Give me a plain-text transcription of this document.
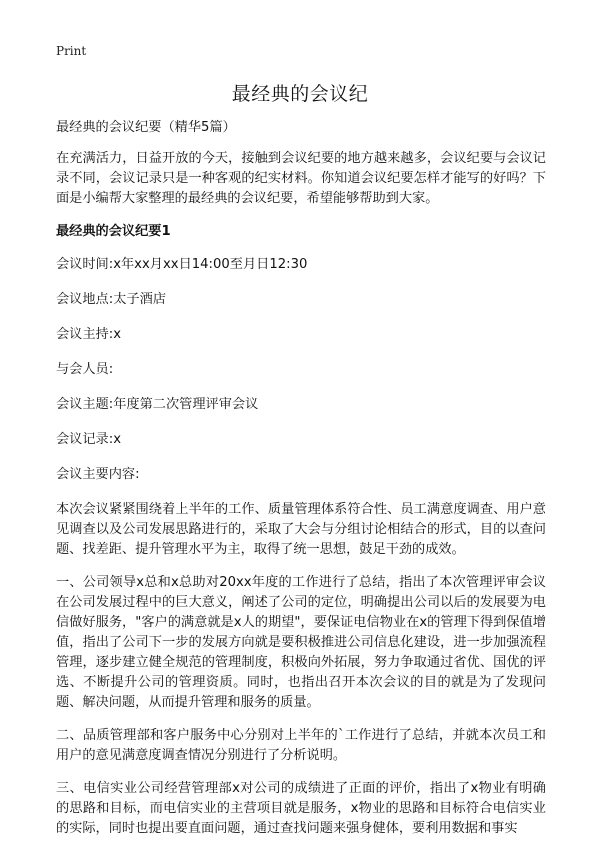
Print
最经典的会议纪

最经典的会议纪要（精华5篇）

在充满活力，日益开放的今天，接触到会议纪要的地方越来越多，会议纪要与会议记录不同，会议记录只是一种客观的纪实材料。你知道会议纪要怎样才能写的好吗？下面是小编帮大家整理的最经典的会议纪要，希望能够帮助到大家。

最经典的会议纪要1

会议时间:x年xx月xx日14:00至月日12:30

会议地点:太子酒店

会议主持:x

与会人员:

会议主题:年度第二次管理评审会议

会议记录:x

会议主要内容:

本次会议紧紧围绕着上半年的工作、质量管理体系符合性、员工满意度调查、用户意见调查以及公司发展思路进行的，采取了大会与分组讨论相结合的形式，目的以查问题、找差距、提升管理水平为主，取得了统一思想，鼓足干劲的成效。

一、公司领导x总和x总助对20xx年度的工作进行了总结，指出了本次管理评审会议在公司发展过程中的巨大意义，阐述了公司的定位，明确提出公司以后的发展要为电信做好服务，"客户的满意就是x人的期望"，要保证电信物业在x的管理下得到保值增值，指出了公司下一步的发展方向就是要积极推进公司信息化建设，进一步加强流程管理，逐步建立健全规范的管理制度，积极向外拓展，努力争取通过省优、国优的评选、不断提升公司的管理资质。同时，也指出召开本次会议的目的就是为了发现问题、解决问题，从而提升管理和服务的质量。

二、品质管理部和客户服务中心分别对上半年的`工作进行了总结，并就本次员工和用户的意见满意度调查情况分别进行了分析说明。

三、电信实业公司经营管理部x对公司的成绩进了正面的评价，指出了x物业有明确的思路和目标，而电信实业的主营项目就是服务，x物业的思路和目标符合电信实业的实际，同时也提出要直面问题，通过查找问题来强身健体，要利用数据和事实
